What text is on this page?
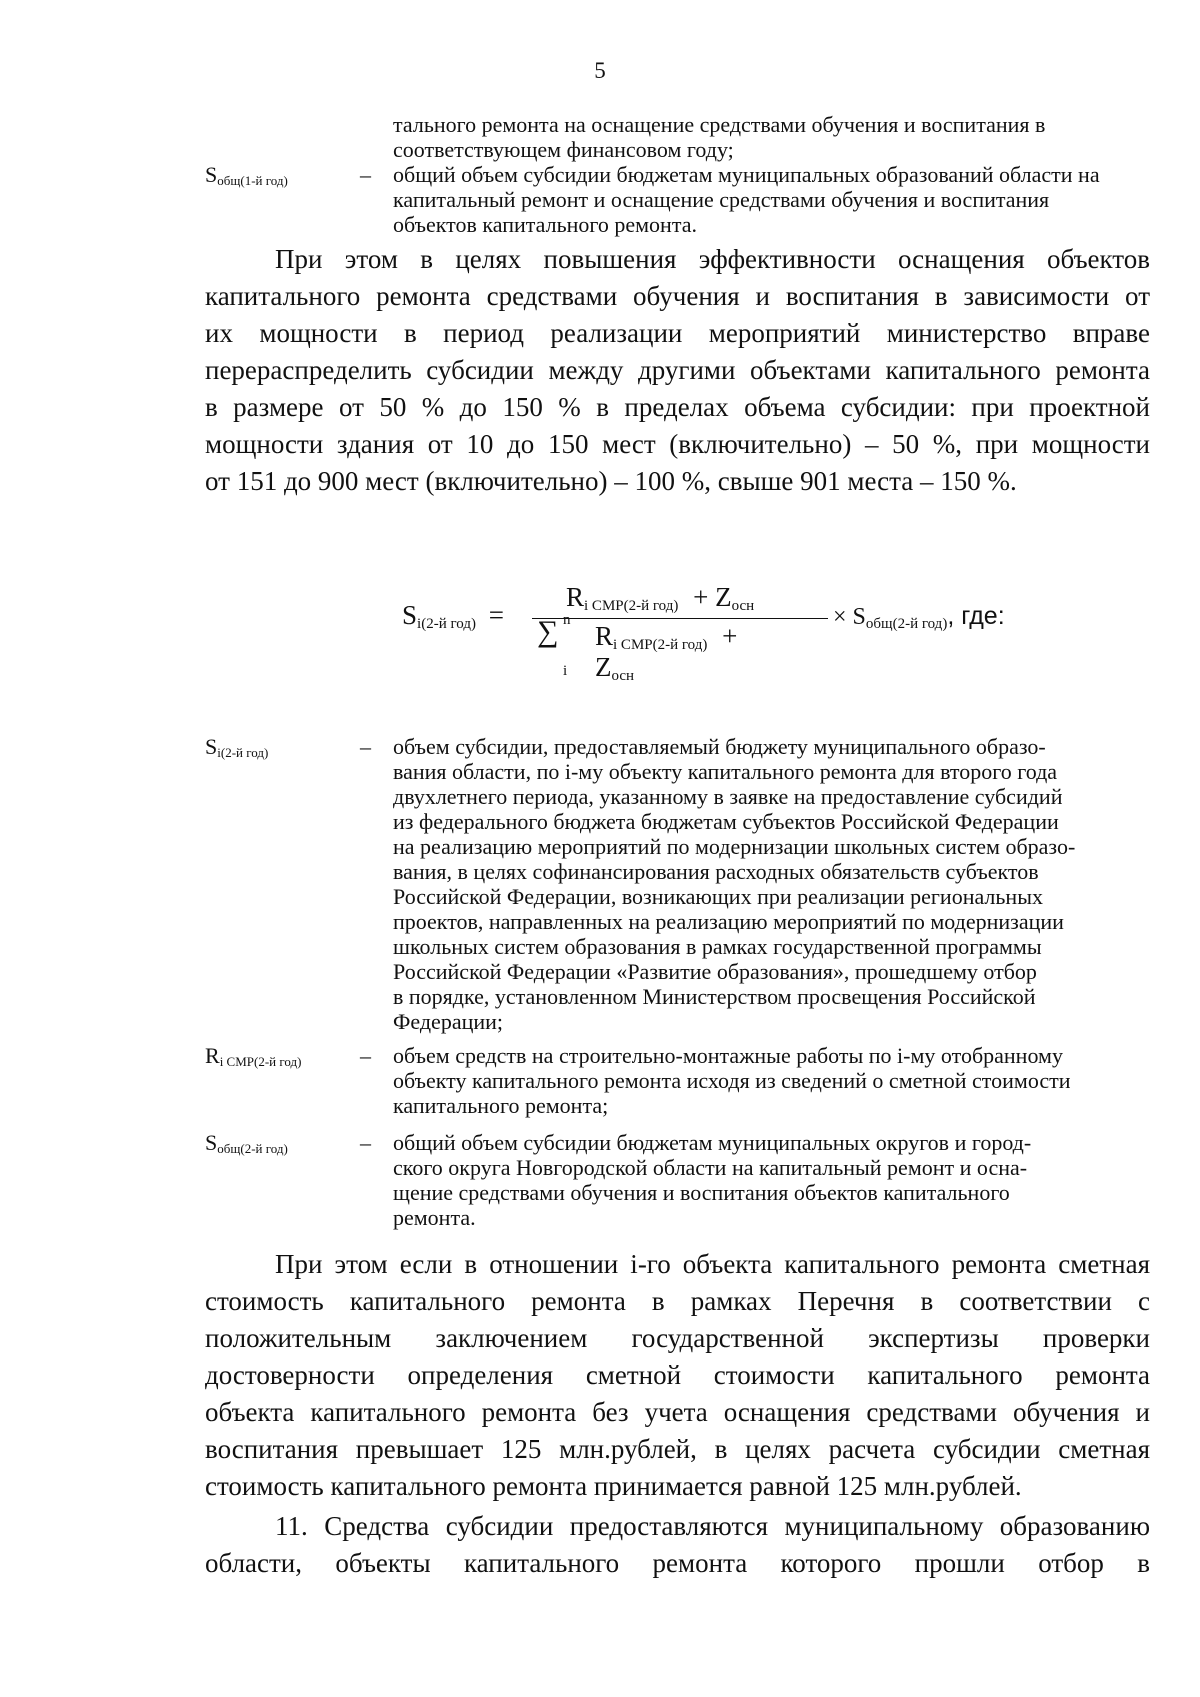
5
тального ремонта на оснащение средствами обучения и воспитания в
соответствующем финансовом году;
$S_{общ(1-й год)}$	– общий объем субсидии бюджетам муниципальных образований области на
капитальный ремонт и оснащение средствами обучения и воспитания
объектов капитального ремонта.
При этом в целях повышения эффективности оснащения объектов
капитального ремонта средствами обучения и воспитания в зависимости от
их мощности в период реализации мероприятий министерство вправе
перераспределить субсидии между другими объектами капитального ремонта
в размере от 50 % до 150 % в пределах объема субсидии: при проектной
мощности здания от 10 до 150 мест (включительно) – 50 %, при мощности
от 151 до 900 мест (включительно) – 100 %, свыше 901 места – 150 %.
$S_{i(2-й год)}$ =
$R_{i СМР(2-й год)} + Z_{осн}$
∑ n
i
$R_{i СМР(2-й год)}$ +
$Z_{осн}$
× $S_{общ(2-й год)}$, где:
$S_{i(2-й год)}$	– объем субсидии, предоставляемый бюджету муниципального образо-
вания области, по i-му объекту капитального ремонта для второго года
двухлетнего периода, указанному в заявке на предоставление субсидий
из федерального бюджета бюджетам субъектов Российской Федерации
на реализацию мероприятий по модернизации школьных систем образо-
вания, в целях софинансирования расходных обязательств субъектов
Российской Федерации, возникающих при реализации региональных
проектов, направленных на реализацию мероприятий по модернизации
школьных систем образования в рамках государственной программы
Российской Федерации «Развитие образования», прошедшему отбор
в порядке, установленном Министерством просвещения Российской
Федерации;
$R_{i СМР(2-й год)}$	– объем средств на строительно-монтажные работы по i-му отобранному
объекту капитального ремонта исходя из сведений о сметной стоимости
капитального ремонта;
$S_{общ(2-й год)}$	– общий объем субсидии бюджетам муниципальных округов и город-
ского округа Новгородской области на капитальный ремонт и осна-
щение средствами обучения и воспитания объектов капитального
ремонта.
При этом если в отношении i-го объекта капитального ремонта сметная
стоимость капитального ремонта в рамках Перечня в соответствии с
положительным заключением государственной экспертизы проверки
достоверности определения сметной стоимости капитального ремонта
объекта капитального ремонта без учета оснащения средствами обучения и
воспитания превышает 125 млн.рублей, в целях расчета субсидии сметная
стоимость капитального ремонта принимается равной 125 млн.рублей.
11. Средства субсидии предоставляются муниципальному образованию
области, объекты капитального ремонта которого прошли отбор в
